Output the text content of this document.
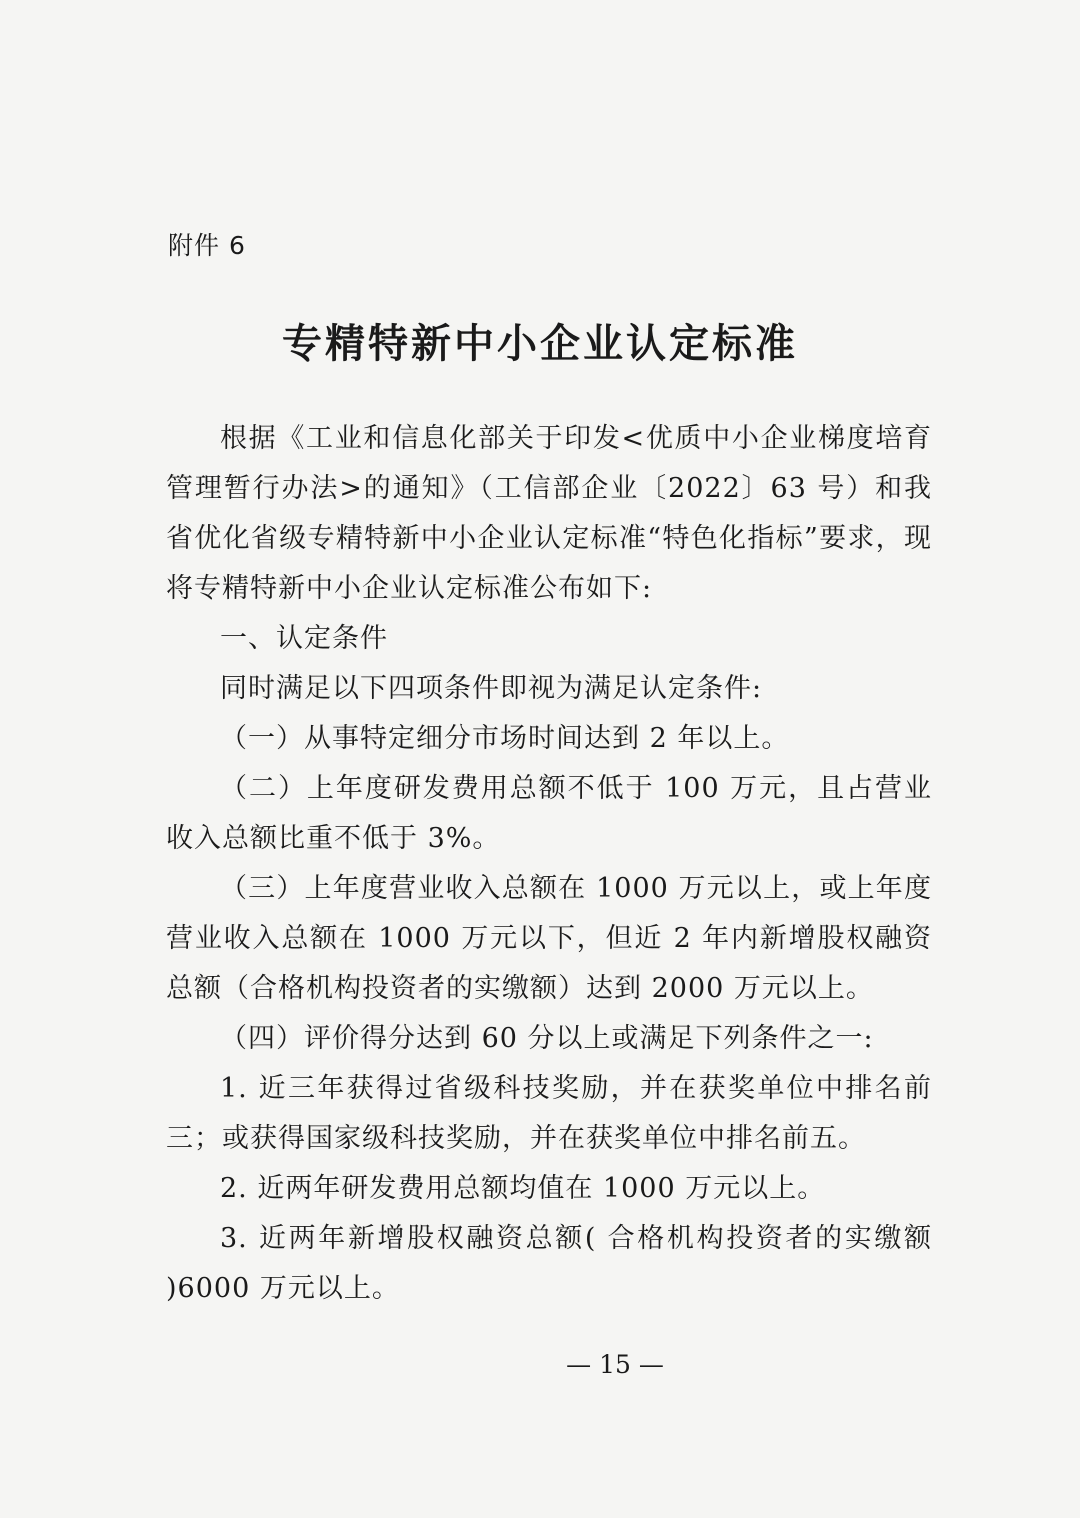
附件 6

专精特新中小企业认定标准

根据《工业和信息化部关于印发<优质中小企业梯度培育管理暂行办法>的通知》（工信部企业〔2022〕63 号）和我省优化省级专精特新中小企业认定标准“特色化指标”要求，现将专精特新中小企业认定标准公布如下:

一、认定条件

同时满足以下四项条件即视为满足认定条件:

（一）从事特定细分市场时间达到 2 年以上。

（二）上年度研发费用总额不低于 100 万元，且占营业收入总额比重不低于 3%。

（三）上年度营业收入总额在 1000 万元以上，或上年度营业收入总额在 1000 万元以下，但近 2 年内新增股权融资总额（合格机构投资者的实缴额）达到 2000 万元以上。

（四）评价得分达到 60 分以上或满足下列条件之一:

1. 近三年获得过省级科技奖励，并在获奖单位中排名前三；或获得国家级科技奖励，并在获奖单位中排名前五。

2. 近两年研发费用总额均值在 1000 万元以上。

3. 近两年新增股权融资总额( 合格机构投资者的实缴额 )6000 万元以上。

— 15 —
